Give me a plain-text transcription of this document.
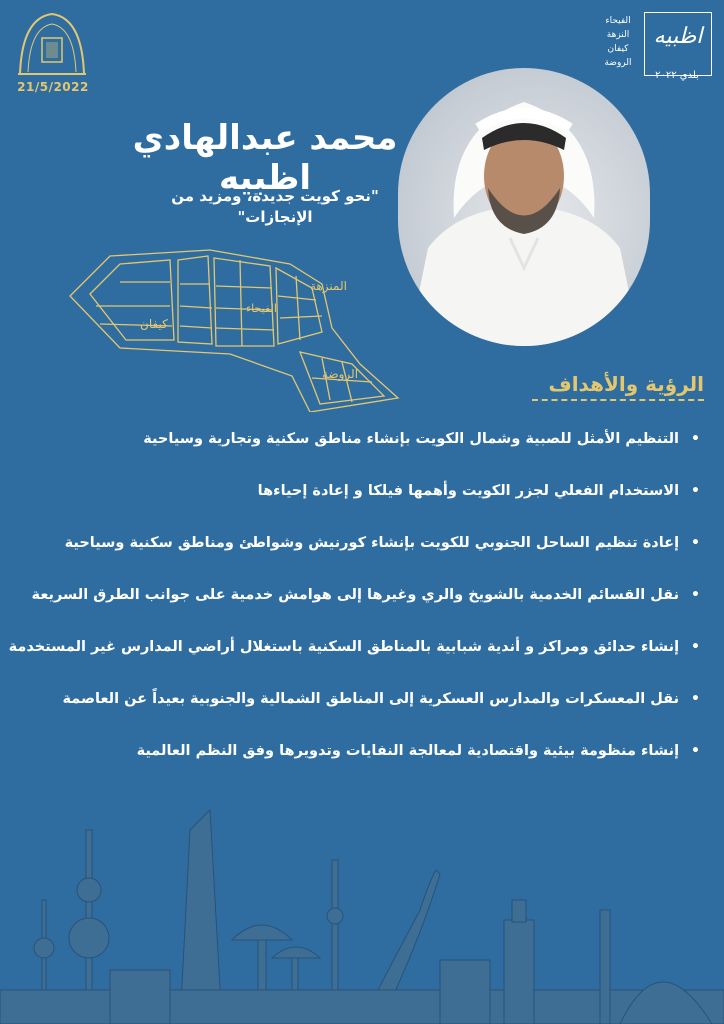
21/5/2022
اظبيه
بلدي ٢٠٢٢
الفيحاء
النزهة
كيفان
الروضة
محمد عبدالهادي اظبيه
"نحو كويت جديدة، ومزيد من
الإنجازات"
المنزهة
الفيحاء
كيفان
الروضة	الرؤية والأهداف
•
التنظيم الأمثل للصبية وشمال الكويت بإنشاء مناطق سكنية وتجارية وسياحية
•
الاستخدام الفعلي لجزر الكويت وأهمها فيلكا و إعادة إحياءها
•
إعادة تنظيم الساحل الجنوبي للكويت بإنشاء كورنيش وشواطئ ومناطق سكنية وسياحية
•
نقل القسائم الخدمية بالشويخ والري وغيرها إلى هوامش خدمية على جوانب الطرق السريعة
•
إنشاء حدائق ومراكز و أندية شبابية بالمناطق السكنية باستغلال أراضي المدارس غير المستخدمة
•
نقل المعسكرات والمدارس العسكرية إلى المناطق الشمالية والجنوبية بعيداً عن العاصمة
•
إنشاء منظومة بيئية واقتصادية لمعالجة النفايات وتدويرها وفق النظم العالمية
